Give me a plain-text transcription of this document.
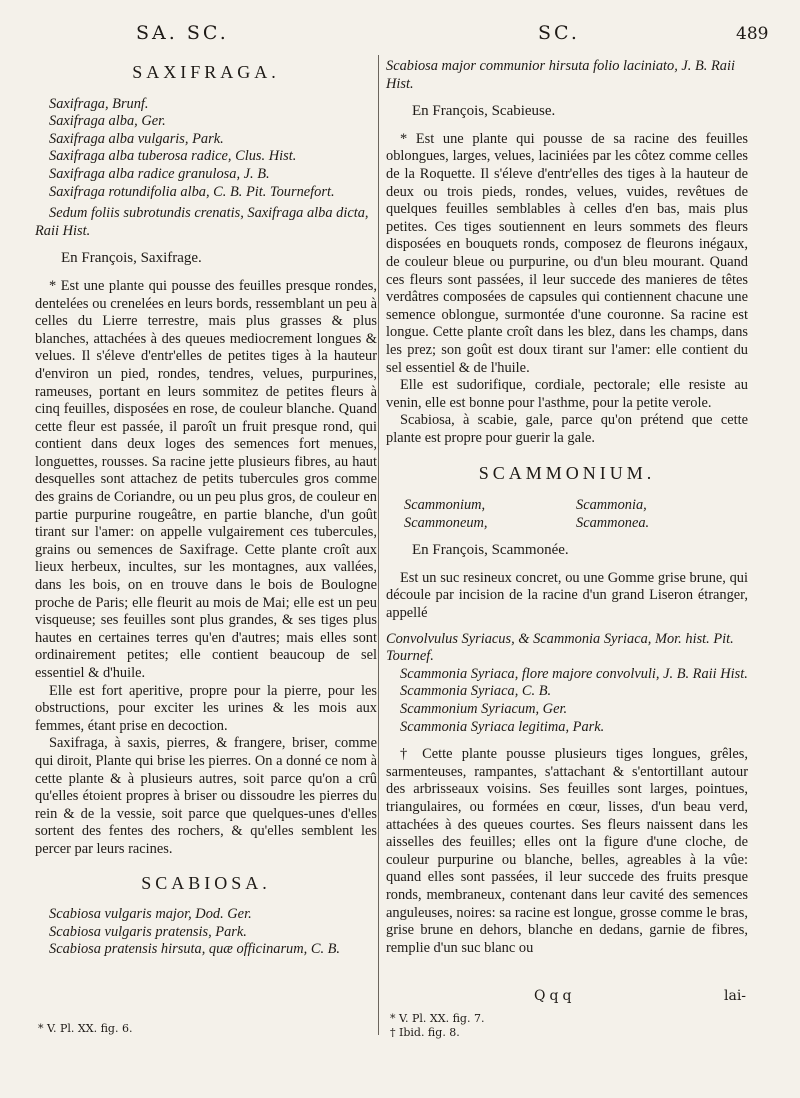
SA. SC.	SC.	489
SAXIFRAGA.
Saxifraga, Brunf.
Saxifraga alba, Ger.
Saxifraga alba vulgaris, Park.
Saxifraga alba tuberosa radice, Clus. Hist.
Saxifraga alba radice granulosa, J. B.
Saxifraga rotundifolia alba, C. B. Pit. Tournefort.
Sedum foliis subrotundis crenatis, Saxifraga alba dicta, Raii Hist.
En François, Saxifrage.

* Est une plante qui pousse des feuilles presque rondes, dentelées ou crenelées en leurs bords, ressemblant un peu à celles du Lierre terrestre, mais plus grasses & plus blanches, attachées à des queues mediocrement longues & velues. Il s'éleve d'entr'elles de petites tiges à la hauteur d'environ un pied, rondes, tendres, velues, purpurines, rameuses, portant en leurs sommitez de petites fleurs à cinq feuilles, disposées en rose, de couleur blanche. Quand cette fleur est passée, il paroît un fruit presque rond, qui contient dans deux loges des semences fort menues, longuettes, rousses. Sa racine jette plusieurs fibres, au haut desquelles sont attachez de petits tubercules gros comme des grains de Coriandre, ou un peu plus gros, de couleur en partie purpurine rougeâtre, en partie blanche, d'un goût tirant sur l'amer: on appelle vulgairement ces tubercules, grains ou semences de Saxifrage. Cette plante croît aux lieux herbeux, incultes, sur les montagnes, aux vallées, dans les bois, on en trouve dans le bois de Boulogne proche de Paris; elle fleurit au mois de Mai; elle est un peu visqueuse; ses feuilles sont plus grandes, & ses tiges plus hautes en certaines terres qu'en d'autres; mais elles sont ordinairement petites; elle contient beaucoup de sel essentiel & d'huile.

Elle est fort aperitive, propre pour la pierre, pour les obstructions, pour exciter les urines & les mois aux femmes, étant prise en decoction.

Saxifraga, à saxis, pierres, & frangere, briser, comme qui diroit, Plante qui brise les pierres. On a donné ce nom à cette plante & à plusieurs autres, soit parce qu'on a crû qu'elles étoient propres à briser ou dissoudre les pierres du rein & de la vessie, soit parce que quelques-unes d'elles sortent des fentes des rochers, & qu'elles semblent les percer par leurs racines.

SCABIOSA.
Scabiosa vulgaris major, Dod. Ger.
Scabiosa vulgaris pratensis, Park.
Scabiosa pratensis hirsuta, quæ officinarum, C. B.
* V. Pl. XX. fig. 6.
Scabiosa major communior hirsuta folio laciniato, J. B. Raii Hist.
En François, Scabieuse.

* Est une plante qui pousse de sa racine des feuilles oblongues, larges, velues, laciniées par les côtez comme celles de la Roquette. Il s'éleve d'entr'elles des tiges à la hauteur de deux ou trois pieds, rondes, velues, vuides, revêtues de quelques feuilles semblables à celles d'en bas, mais plus petites. Ces tiges soutiennent en leurs sommets des fleurs disposées en bouquets ronds, composez de fleurons inégaux, de couleur bleue ou purpurine, ou d'un bleu mourant. Quand ces fleurs sont passées, il leur succede des manieres de têtes verdâtres composées de capsules qui contiennent chacune une semence oblongue, surmontée d'une couronne. Sa racine est longue. Cette plante croît dans les blez, dans les champs, dans les prez; son goût est doux tirant sur l'amer: elle contient du sel essentiel & de l'huile.

Elle est sudorifique, cordiale, pectorale; elle resiste au venin, elle est bonne pour l'asthme, pour la petite verole.

Scabiosa, à scabie, gale, parce qu'on prétend que cette plante est propre pour guerir la gale.

SCAMMONIUM.
Scammonium,	Scammonia,
Scammoneum,	Scammonea.
En François, Scammonée.

Est un suc resineux concret, ou une Gomme grise brune, qui découle par incision de la racine d'un grand Liseron étranger, appellé

Convolvulus Syriacus, & Scammonia Syriaca, Mor. hist. Pit. Tournef.
Scammonia Syriaca, flore majore convolvuli, J. B. Raii Hist.
Scammonia Syriaca, C. B.
Scammonium Syriacum, Ger.
Scammonia Syriaca legitima, Park.

† Cette plante pousse plusieurs tiges longues, grêles, sarmenteuses, rampantes, s'attachant & s'entortillant autour des arbrisseaux voisins. Ses feuilles sont larges, pointues, triangulaires, ou formées en cœur, lisses, d'un beau verd, attachées à des queues courtes. Ses fleurs naissent dans les aisselles des feuilles; elles ont la figure d'une cloche, de couleur purpurine ou blanche, belles, agreables à la vûe: quand elles sont passées, il leur succede des fruits presque ronds, membraneux, contenant dans leur cavité des semences anguleuses, noires: sa racine est longue, grosse comme le bras, grise brune en dehors, blanche en dedans, garnie de fibres, remplie d'un suc blanc ou

Qqq	lai-
* V. Pl. XX. fig. 7.
† Ibid. fig. 8.
